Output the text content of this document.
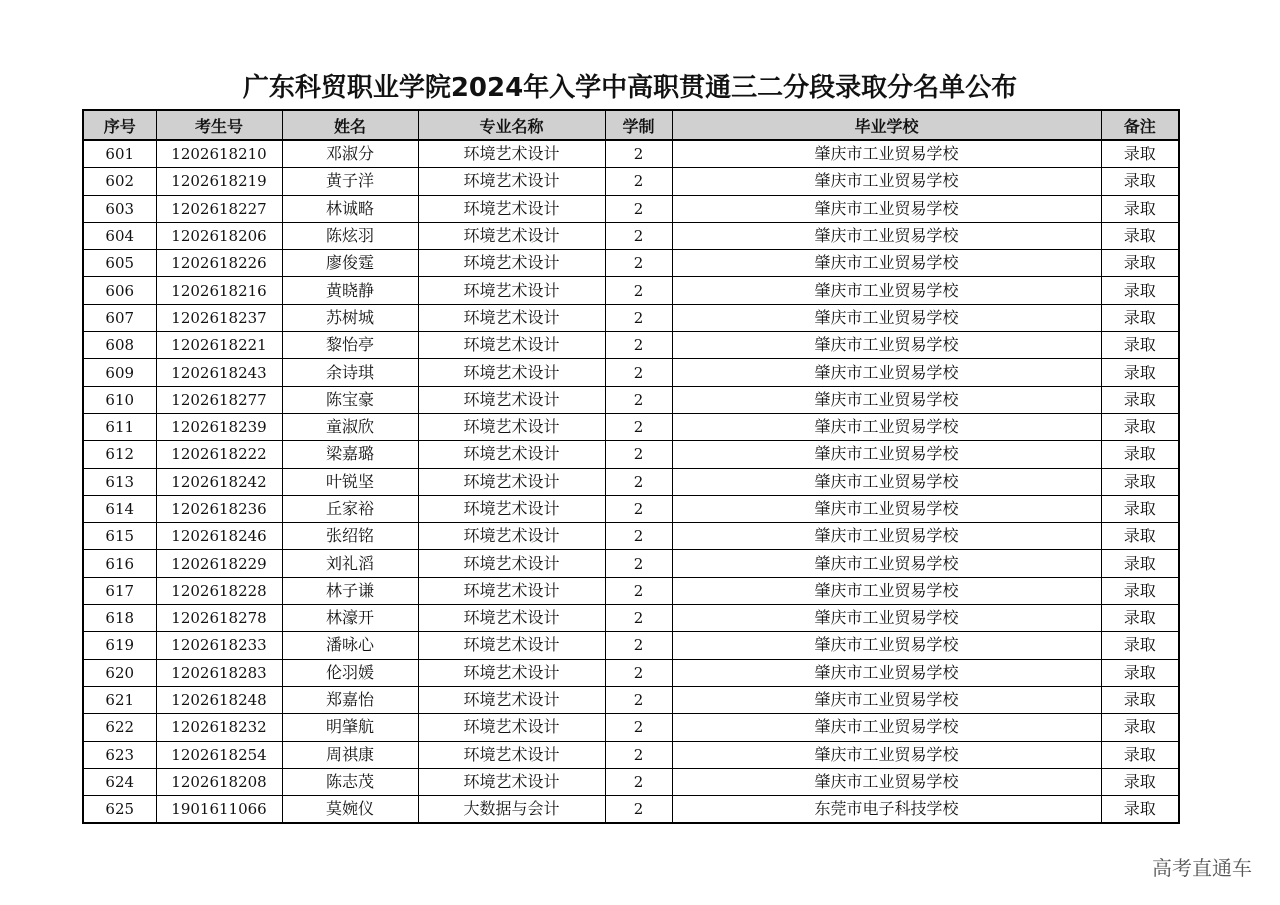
广东科贸职业学院2024年入学中高职贯通三二分段录取分名单公布
序号	考生号	姓名	专业名称	学制	毕业学校	备注
601	1202618210	邓淑分	环境艺术设计	2	肇庆市工业贸易学校	录取
602	1202618219	黄子洋	环境艺术设计	2	肇庆市工业贸易学校	录取
603	1202618227	林诚略	环境艺术设计	2	肇庆市工业贸易学校	录取
604	1202618206	陈炫羽	环境艺术设计	2	肇庆市工业贸易学校	录取
605	1202618226	廖俊霆	环境艺术设计	2	肇庆市工业贸易学校	录取
606	1202618216	黄晓静	环境艺术设计	2	肇庆市工业贸易学校	录取
607	1202618237	苏树城	环境艺术设计	2	肇庆市工业贸易学校	录取
608	1202618221	黎怡亭	环境艺术设计	2	肇庆市工业贸易学校	录取
609	1202618243	余诗琪	环境艺术设计	2	肇庆市工业贸易学校	录取
610	1202618277	陈宝豪	环境艺术设计	2	肇庆市工业贸易学校	录取
611	1202618239	童淑欣	环境艺术设计	2	肇庆市工业贸易学校	录取
612	1202618222	梁嘉璐	环境艺术设计	2	肇庆市工业贸易学校	录取
613	1202618242	叶锐坚	环境艺术设计	2	肇庆市工业贸易学校	录取
614	1202618236	丘家裕	环境艺术设计	2	肇庆市工业贸易学校	录取
615	1202618246	张绍铭	环境艺术设计	2	肇庆市工业贸易学校	录取
616	1202618229	刘礼滔	环境艺术设计	2	肇庆市工业贸易学校	录取
617	1202618228	林子谦	环境艺术设计	2	肇庆市工业贸易学校	录取
618	1202618278	林濠开	环境艺术设计	2	肇庆市工业贸易学校	录取
619	1202618233	潘咏心	环境艺术设计	2	肇庆市工业贸易学校	录取
620	1202618283	伦羽媛	环境艺术设计	2	肇庆市工业贸易学校	录取
621	1202618248	郑嘉怡	环境艺术设计	2	肇庆市工业贸易学校	录取
622	1202618232	明肇航	环境艺术设计	2	肇庆市工业贸易学校	录取
623	1202618254	周祺康	环境艺术设计	2	肇庆市工业贸易学校	录取
624	1202618208	陈志茂	环境艺术设计	2	肇庆市工业贸易学校	录取
625	1901611066	莫婉仪	大数据与会计	2	东莞市电子科技学校	录取
高考直通车
